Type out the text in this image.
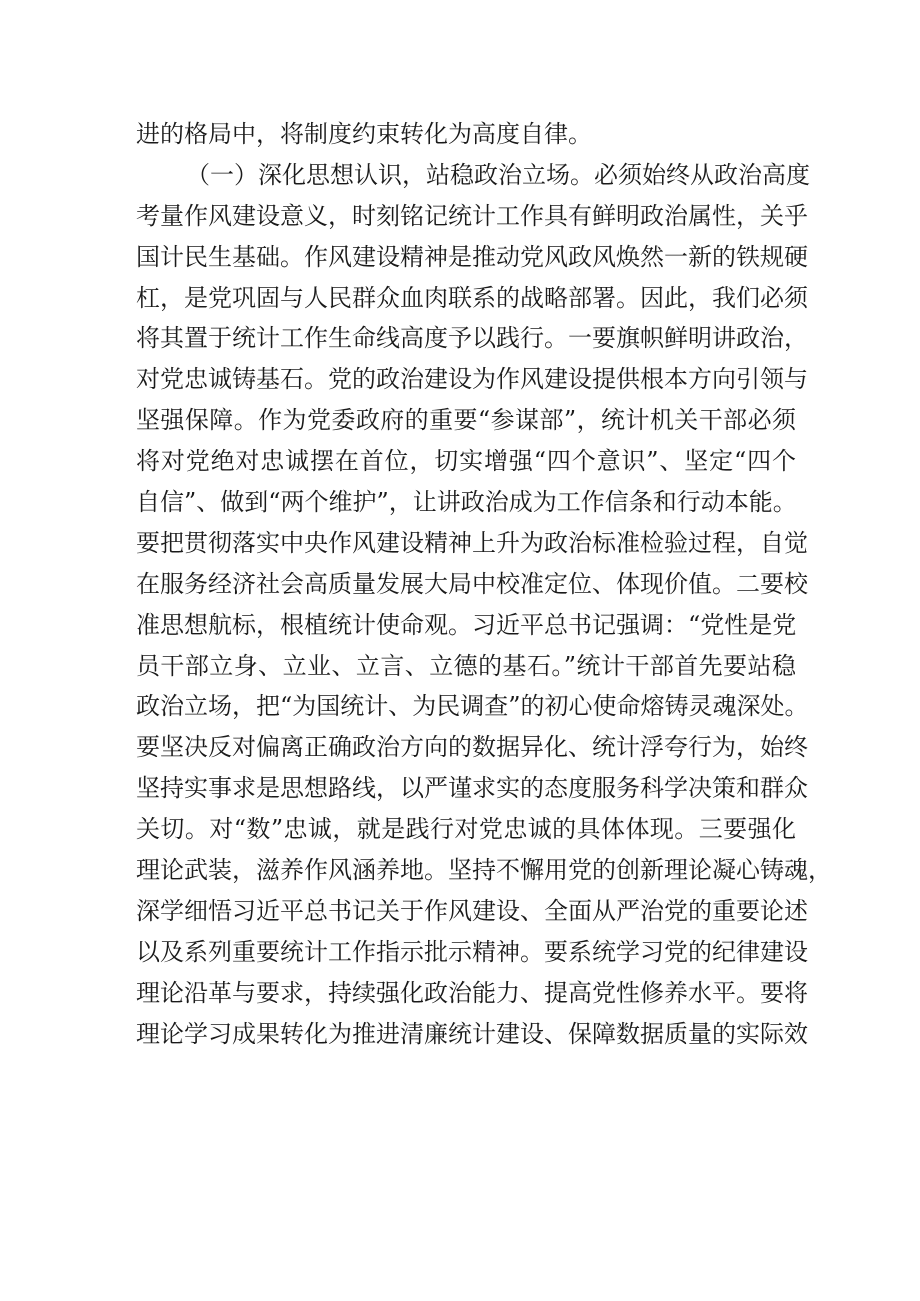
进的格局中，将制度约束转化为高度自律。
（一）深化思想认识，站稳政治立场。必须始终从政治高度
考量作风建设意义，时刻铭记统计工作具有鲜明政治属性，关乎
国计民生基础。作风建设精神是推动党风政风焕然一新的铁规硬
杠，是党巩固与人民群众血肉联系的战略部署。因此，我们必须
将其置于统计工作生命线高度予以践行。一要旗帜鲜明讲政治，
对党忠诚铸基石。党的政治建设为作风建设提供根本方向引领与
坚强保障。作为党委政府的重要“参谋部”，统计机关干部必须
将对党绝对忠诚摆在首位，切实增强“四个意识”、坚定“四个
自信”、做到“两个维护”，让讲政治成为工作信条和行动本能。
要把贯彻落实中央作风建设精神上升为政治标准检验过程，自觉
在服务经济社会高质量发展大局中校准定位、体现价值。二要校
准思想航标，根植统计使命观。习近平总书记强调：“党性是党
员干部立身、立业、立言、立德的基石。”统计干部首先要站稳
政治立场，把“为国统计、为民调查”的初心使命熔铸灵魂深处。
要坚决反对偏离正确政治方向的数据异化、统计浮夸行为，始终
坚持实事求是思想路线，以严谨求实的态度服务科学决策和群众
关切。对“数”忠诚，就是践行对党忠诚的具体体现。三要强化
理论武装，滋养作风涵养地。坚持不懈用党的创新理论凝心铸魂，
深学细悟习近平总书记关于作风建设、全面从严治党的重要论述
以及系列重要统计工作指示批示精神。要系统学习党的纪律建设
理论沿革与要求，持续强化政治能力、提高党性修养水平。要将
理论学习成果转化为推进清廉统计建设、保障数据质量的实际效
